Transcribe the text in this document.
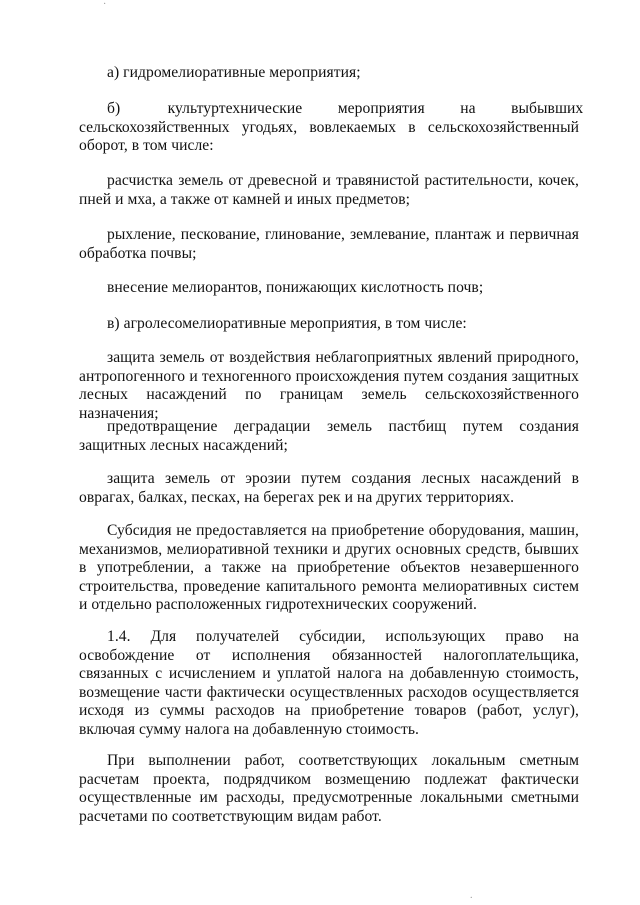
а) гидромелиоративные мероприятия;

б)            культуртехнические         мероприятия         на         выбывших сельскохозяйственных угодьях, вовлекаемых в сельскохозяйственный оборот, в том числе:

расчистка земель от древесной и травянистой растительности, кочек, пней и мха, а также от камней и иных предметов;

рыхление, пескование, глинование, землевание, плантаж и первичная обработка почвы;

внесение мелиорантов, понижающих кислотность почв;

в) агролесомелиоративные мероприятия, в том числе:

защита земель от воздействия неблагоприятных явлений природного, антропогенного и техногенного происхождения путем создания защитных лесных насаждений по границам земель сельскохозяйственного назначения;

предотвращение деградации земель пастбищ путем создания защитных лесных насаждений;

защита земель от эрозии путем создания лесных насаждений в оврагах, балках, песках, на берегах рек и на других территориях.

Субсидия не предоставляется на приобретение оборудования, машин, механизмов, мелиоративной техники и других основных средств, бывших в употреблении, а также на приобретение объектов незавершенного строительства, проведение капитального ремонта мелиоративных систем и отдельно расположенных гидротехнических сооружений.

1.4. Для получателей субсидии, использующих право на освобождение от исполнения обязанностей налогоплательщика, связанных с исчислением и уплатой налога на добавленную стоимость, возмещение части фактически осуществленных расходов осуществляется исходя из суммы расходов на приобретение товаров (работ, услуг), включая сумму налога на добавленную стоимость.

При выполнении работ, соответствующих локальным сметным расчетам проекта, подрядчиком возмещению подлежат фактически осуществленные им расходы, предусмотренные локальными сметными расчетами по соответствующим видам работ.

·
.
